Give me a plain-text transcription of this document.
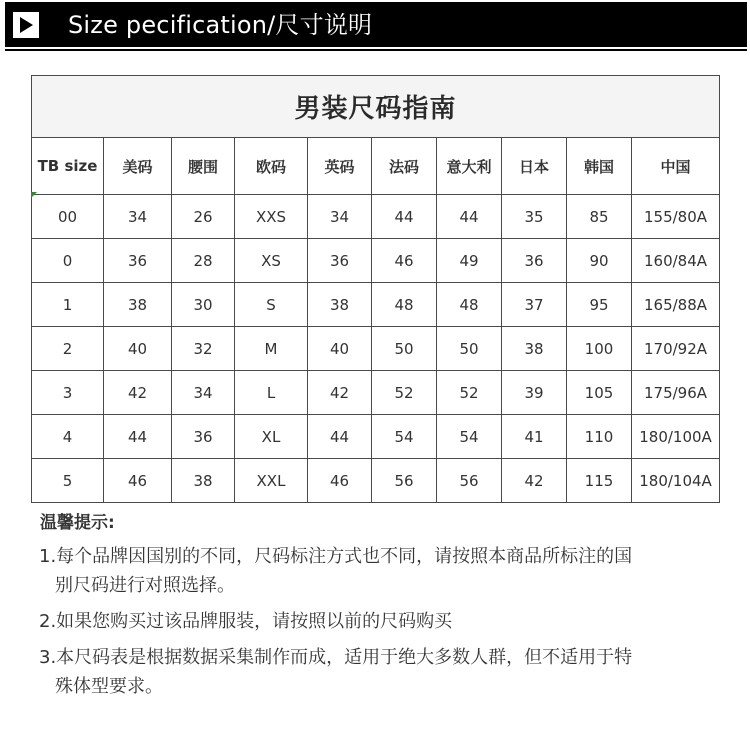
Size pecification/尺寸说明
男装尺码指南									
TB size	美码	腰围	欧码	英码	法码	意大利	日本	韩国	中国
00	34	26	XXS	34	44	44	35	85	155/80A
0	36	28	XS	36	46	49	36	90	160/84A
1	38	30	S	38	48	48	37	95	165/88A
2	40	32	M	40	50	50	38	100	170/92A
3	42	34	L	42	52	52	39	105	175/96A
4	44	36	XL	44	54	54	41	110	180/100A
5	46	38	XXL	46	56	56	42	115	180/104A
温馨提示:
1.每个品牌因国别的不同，尺码标注方式也不同，请按照本商品所标注的国
别尺码进行对照选择。
2.如果您购买过该品牌服装，请按照以前的尺码购买
3.本尺码表是根据数据采集制作而成，适用于绝大多数人群，但不适用于特
殊体型要求。
